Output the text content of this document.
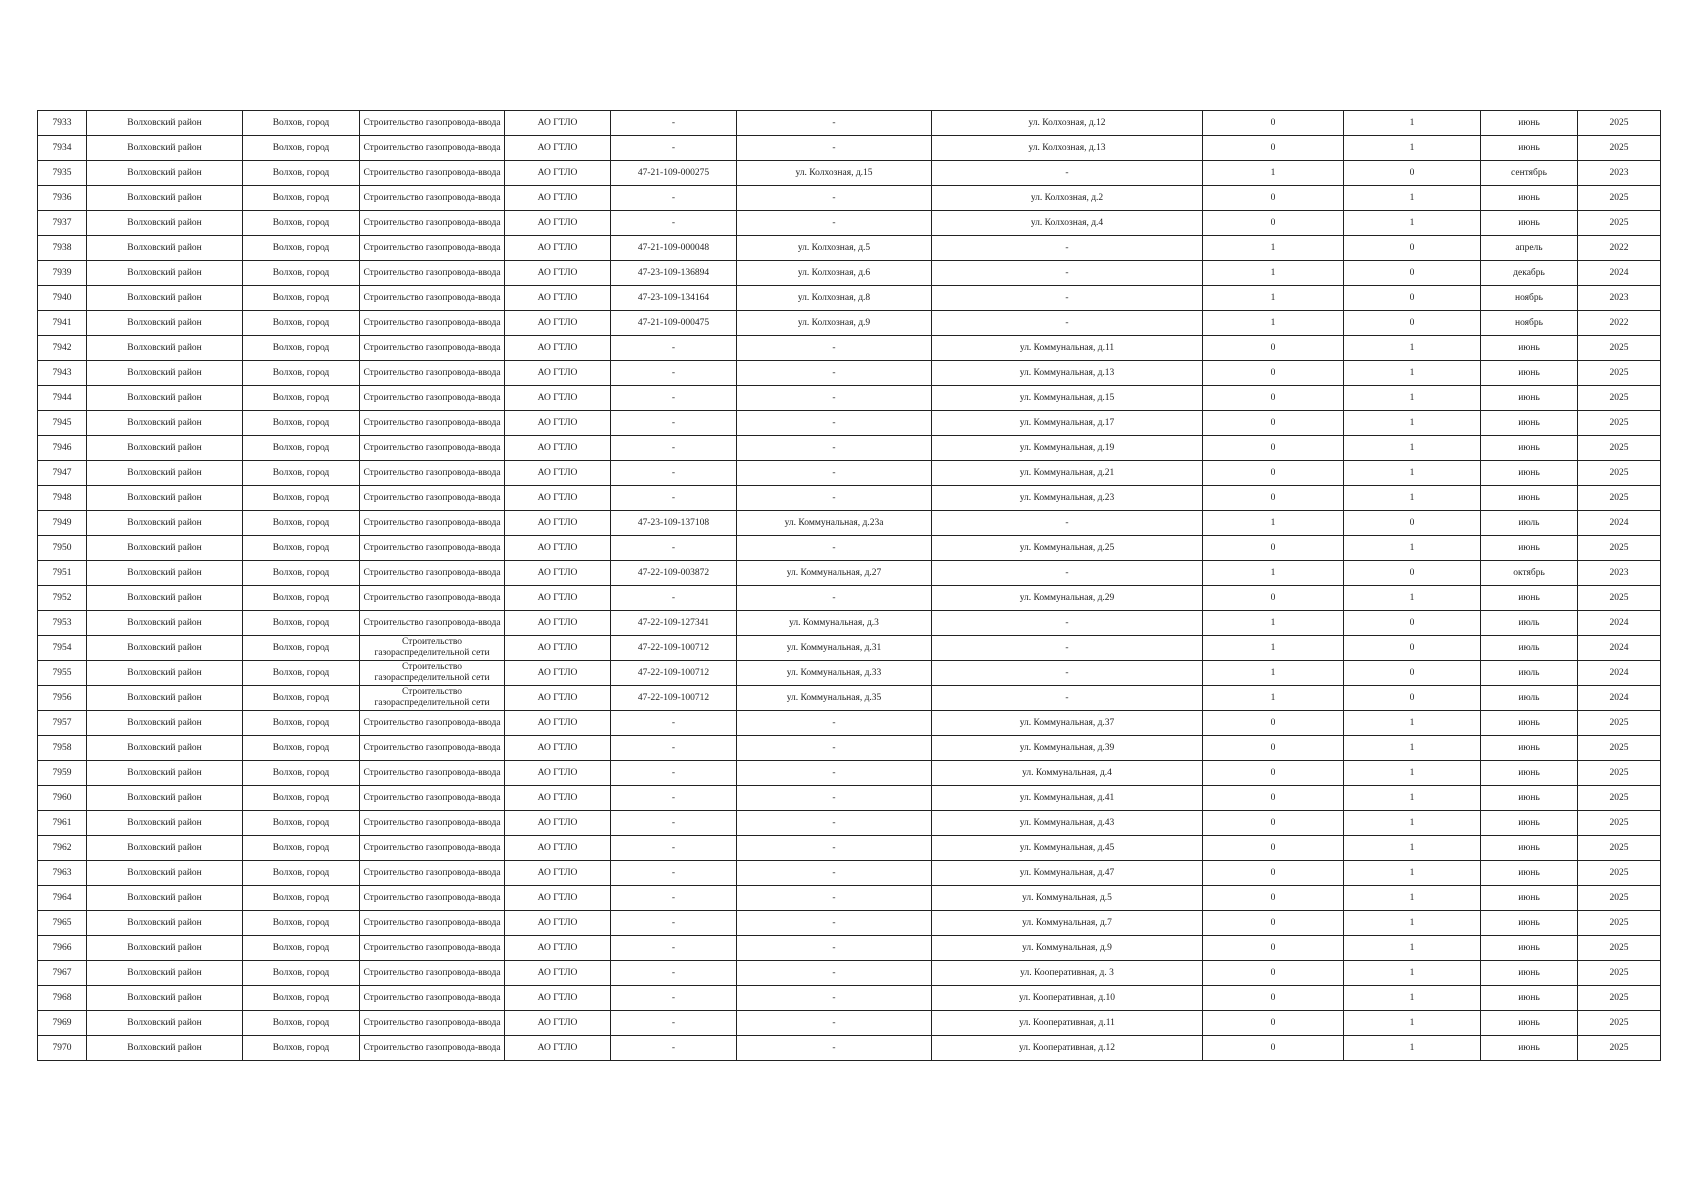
7933	Волховский район	Волхов, город	Строительство газопровода-ввода	АО ГТЛО	-	-	ул. Колхозная, д.12	0	1	июнь	2025
7934	Волховский район	Волхов, город	Строительство газопровода-ввода	АО ГТЛО	-	-	ул. Колхозная, д.13	0	1	июнь	2025
7935	Волховский район	Волхов, город	Строительство газопровода-ввода	АО ГТЛО	47-21-109-000275	ул. Колхозная, д.15	-	1	0	сентябрь	2023
7936	Волховский район	Волхов, город	Строительство газопровода-ввода	АО ГТЛО	-	-	ул. Колхозная, д.2	0	1	июнь	2025
7937	Волховский район	Волхов, город	Строительство газопровода-ввода	АО ГТЛО	-	-	ул. Колхозная, д.4	0	1	июнь	2025
7938	Волховский район	Волхов, город	Строительство газопровода-ввода	АО ГТЛО	47-21-109-000048	ул. Колхозная, д.5	-	1	0	апрель	2022
7939	Волховский район	Волхов, город	Строительство газопровода-ввода	АО ГТЛО	47-23-109-136894	ул. Колхозная, д.6	-	1	0	декабрь	2024
7940	Волховский район	Волхов, город	Строительство газопровода-ввода	АО ГТЛО	47-23-109-134164	ул. Колхозная, д.8	-	1	0	ноябрь	2023
7941	Волховский район	Волхов, город	Строительство газопровода-ввода	АО ГТЛО	47-21-109-000475	ул. Колхозная, д.9	-	1	0	ноябрь	2022
7942	Волховский район	Волхов, город	Строительство газопровода-ввода	АО ГТЛО	-	-	ул. Коммунальная, д.11	0	1	июнь	2025
7943	Волховский район	Волхов, город	Строительство газопровода-ввода	АО ГТЛО	-	-	ул. Коммунальная, д.13	0	1	июнь	2025
7944	Волховский район	Волхов, город	Строительство газопровода-ввода	АО ГТЛО	-	-	ул. Коммунальная, д.15	0	1	июнь	2025
7945	Волховский район	Волхов, город	Строительство газопровода-ввода	АО ГТЛО	-	-	ул. Коммунальная, д.17	0	1	июнь	2025
7946	Волховский район	Волхов, город	Строительство газопровода-ввода	АО ГТЛО	-	-	ул. Коммунальная, д.19	0	1	июнь	2025
7947	Волховский район	Волхов, город	Строительство газопровода-ввода	АО ГТЛО	-	-	ул. Коммунальная, д.21	0	1	июнь	2025
7948	Волховский район	Волхов, город	Строительство газопровода-ввода	АО ГТЛО	-	-	ул. Коммунальная, д.23	0	1	июнь	2025
7949	Волховский район	Волхов, город	Строительство газопровода-ввода	АО ГТЛО	47-23-109-137108	ул. Коммунальная, д.23а	-	1	0	июль	2024
7950	Волховский район	Волхов, город	Строительство газопровода-ввода	АО ГТЛО	-	-	ул. Коммунальная, д.25	0	1	июнь	2025
7951	Волховский район	Волхов, город	Строительство газопровода-ввода	АО ГТЛО	47-22-109-003872	ул. Коммунальная, д.27	-	1	0	октябрь	2023
7952	Волховский район	Волхов, город	Строительство газопровода-ввода	АО ГТЛО	-	-	ул. Коммунальная, д.29	0	1	июнь	2025
7953	Волховский район	Волхов, город	Строительство газопровода-ввода	АО ГТЛО	47-22-109-127341	ул. Коммунальная, д.3	-	1	0	июль	2024
7954	Волховский район	Волхов, город	Строительство газораспределительной сети	АО ГТЛО	47-22-109-100712	ул. Коммунальная, д.31	-	1	0	июль	2024
7955	Волховский район	Волхов, город	Строительство газораспределительной сети	АО ГТЛО	47-22-109-100712	ул. Коммунальная, д.33	-	1	0	июль	2024
7956	Волховский район	Волхов, город	Строительство газораспределительной сети	АО ГТЛО	47-22-109-100712	ул. Коммунальная, д.35	-	1	0	июль	2024
7957	Волховский район	Волхов, город	Строительство газопровода-ввода	АО ГТЛО	-	-	ул. Коммунальная, д.37	0	1	июнь	2025
7958	Волховский район	Волхов, город	Строительство газопровода-ввода	АО ГТЛО	-	-	ул. Коммунальная, д.39	0	1	июнь	2025
7959	Волховский район	Волхов, город	Строительство газопровода-ввода	АО ГТЛО	-	-	ул. Коммунальная, д.4	0	1	июнь	2025
7960	Волховский район	Волхов, город	Строительство газопровода-ввода	АО ГТЛО	-	-	ул. Коммунальная, д.41	0	1	июнь	2025
7961	Волховский район	Волхов, город	Строительство газопровода-ввода	АО ГТЛО	-	-	ул. Коммунальная, д.43	0	1	июнь	2025
7962	Волховский район	Волхов, город	Строительство газопровода-ввода	АО ГТЛО	-	-	ул. Коммунальная, д.45	0	1	июнь	2025
7963	Волховский район	Волхов, город	Строительство газопровода-ввода	АО ГТЛО	-	-	ул. Коммунальная, д.47	0	1	июнь	2025
7964	Волховский район	Волхов, город	Строительство газопровода-ввода	АО ГТЛО	-	-	ул. Коммунальная, д.5	0	1	июнь	2025
7965	Волховский район	Волхов, город	Строительство газопровода-ввода	АО ГТЛО	-	-	ул. Коммунальная, д.7	0	1	июнь	2025
7966	Волховский район	Волхов, город	Строительство газопровода-ввода	АО ГТЛО	-	-	ул. Коммунальная, д.9	0	1	июнь	2025
7967	Волховский район	Волхов, город	Строительство газопровода-ввода	АО ГТЛО	-	-	ул. Кооперативная, д. 3	0	1	июнь	2025
7968	Волховский район	Волхов, город	Строительство газопровода-ввода	АО ГТЛО	-	-	ул. Кооперативная, д.10	0	1	июнь	2025
7969	Волховский район	Волхов, город	Строительство газопровода-ввода	АО ГТЛО	-	-	ул. Кооперативная, д.11	0	1	июнь	2025
7970	Волховский район	Волхов, город	Строительство газопровода-ввода	АО ГТЛО	-	-	ул. Кооперативная, д.12	0	1	июнь	2025
